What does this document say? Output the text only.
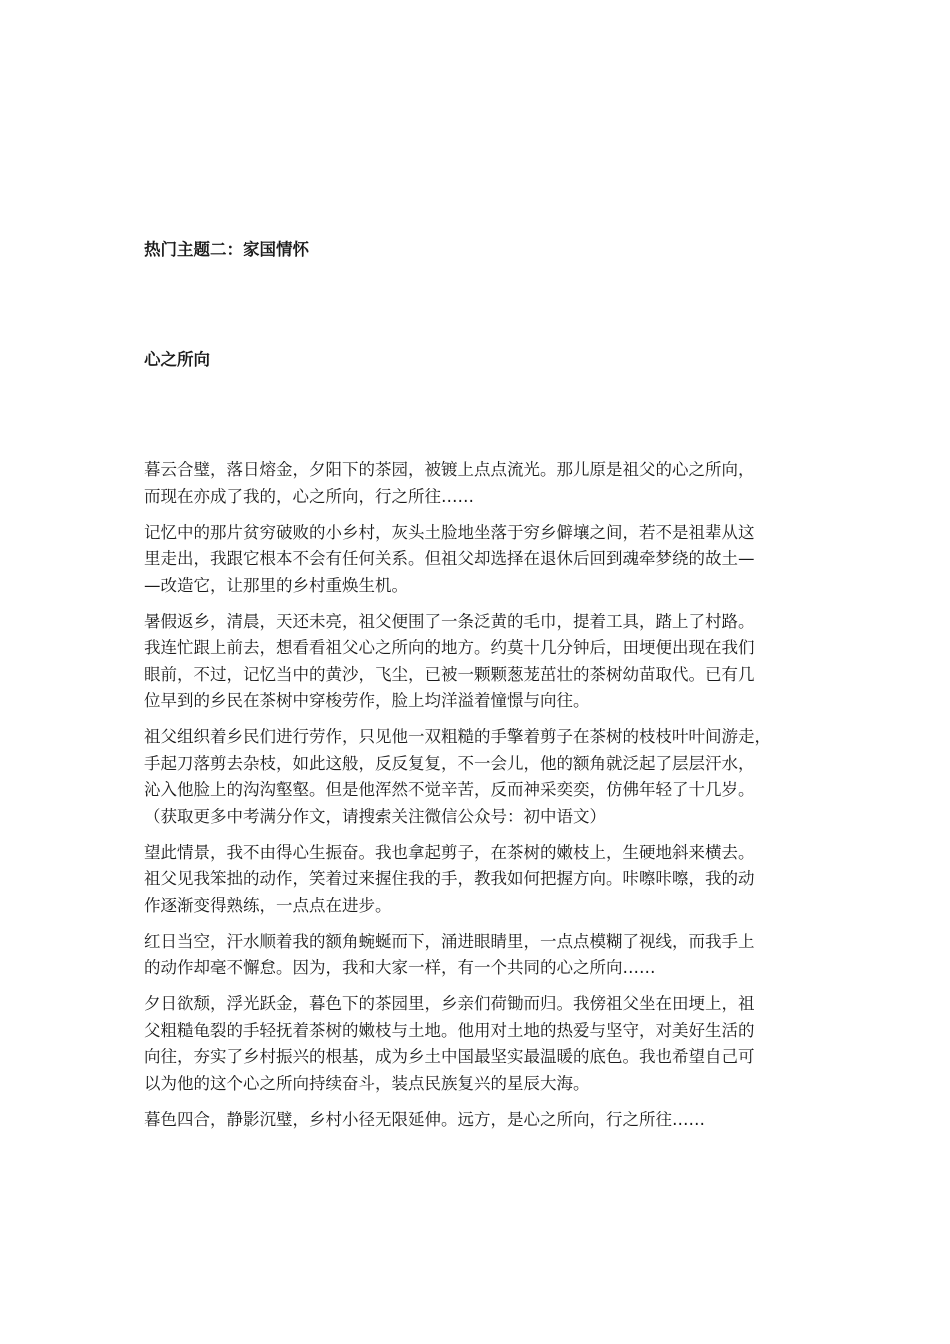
热门主题二：家国情怀
心之所向

暮云合璧，落日熔金，夕阳下的茶园，被镀上点点流光。那儿原是祖父的心之所向，
而现在亦成了我的，心之所向，行之所往……

记忆中的那片贫穷破败的小乡村，灰头土脸地坐落于穷乡僻壤之间，若不是祖辈从这
里走出，我跟它根本不会有任何关系。但祖父却选择在退休后回到魂牵梦绕的故土—
—改造它，让那里的乡村重焕生机。

暑假返乡，清晨，天还未亮，祖父便围了一条泛黄的毛巾，提着工具，踏上了村路。
我连忙跟上前去，想看看祖父心之所向的地方。约莫十几分钟后，田埂便出现在我们
眼前，不过，记忆当中的黄沙，飞尘，已被一颗颗葱茏茁壮的茶树幼苗取代。已有几
位早到的乡民在茶树中穿梭劳作，脸上均洋溢着憧憬与向往。

祖父组织着乡民们进行劳作，只见他一双粗糙的手擎着剪子在茶树的枝枝叶叶间游走，
手起刀落剪去杂枝，如此这般，反反复复，不一会儿，他的额角就泛起了层层汗水，
沁入他脸上的沟沟壑壑。但是他浑然不觉辛苦，反而神采奕奕，仿佛年轻了十几岁。
（获取更多中考满分作文，请搜索关注微信公众号：初中语文）

望此情景，我不由得心生振奋。我也拿起剪子，在茶树的嫩枝上，生硬地斜来横去。
祖父见我笨拙的动作，笑着过来握住我的手，教我如何把握方向。咔嚓咔嚓，我的动
作逐渐变得熟练，一点点在进步。

红日当空，汗水顺着我的额角蜿蜒而下，涌进眼睛里，一点点模糊了视线，而我手上
的动作却毫不懈怠。因为，我和大家一样，有一个共同的心之所向……

夕日欲颓，浮光跃金，暮色下的茶园里，乡亲们荷锄而归。我傍祖父坐在田埂上，祖
父粗糙龟裂的手轻抚着茶树的嫩枝与土地。他用对土地的热爱与坚守，对美好生活的
向往，夯实了乡村振兴的根基，成为乡土中国最坚实最温暖的底色。我也希望自己可
以为他的这个心之所向持续奋斗，装点民族复兴的星辰大海。

暮色四合，静影沉璧，乡村小径无限延伸。远方，是心之所向，行之所往……
